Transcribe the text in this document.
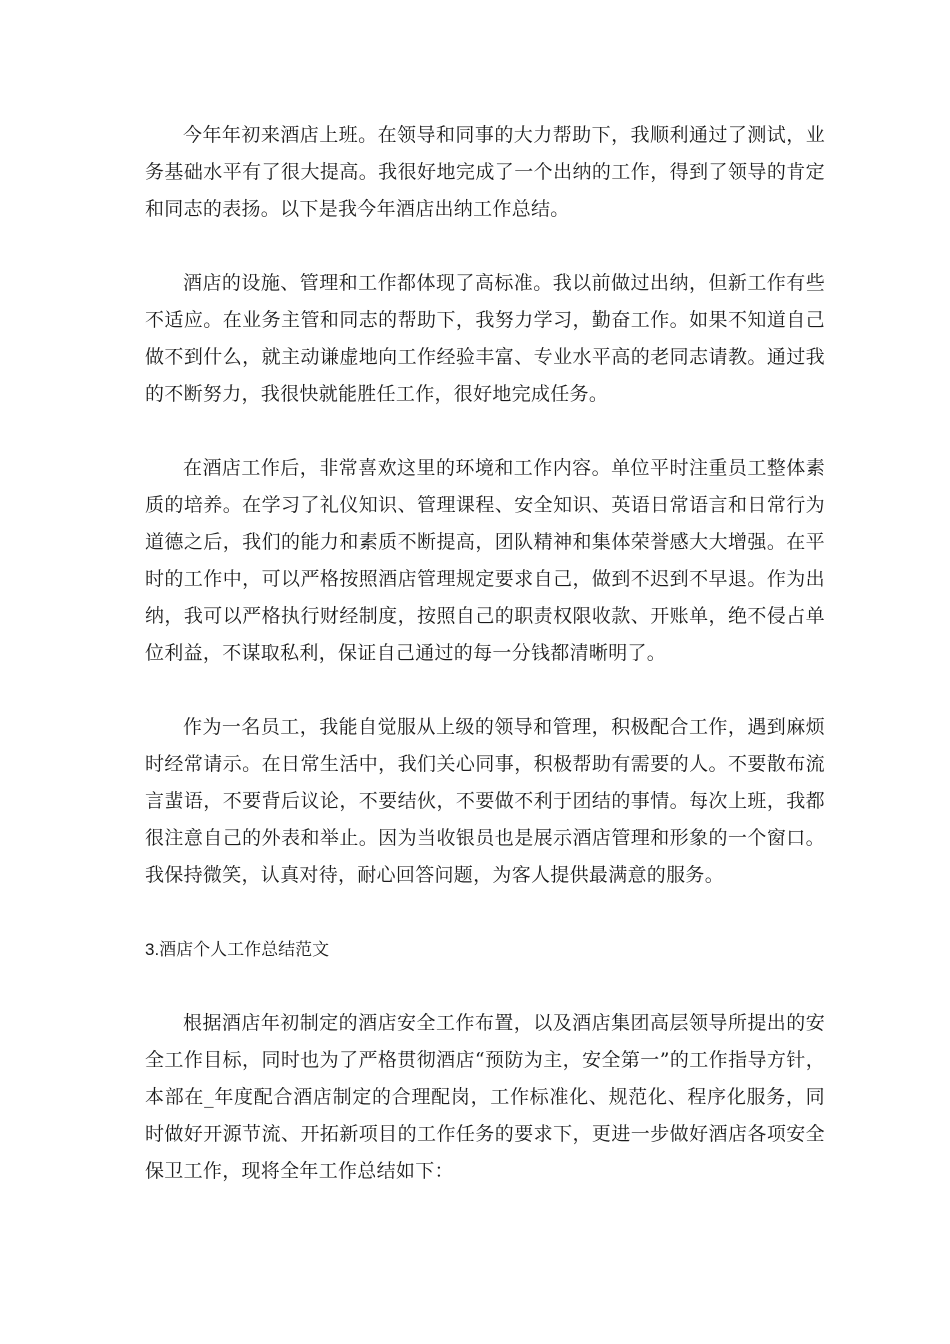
今年年初来酒店上班。在领导和同事的大力帮助下，我顺利通过了测试，业务基础水平有了很大提高。我很好地完成了一个出纳的工作，得到了领导的肯定和同志的表扬。以下是我今年酒店出纳工作总结。

酒店的设施、管理和工作都体现了高标准。我以前做过出纳，但新工作有些不适应。在业务主管和同志的帮助下，我努力学习，勤奋工作。如果不知道自己做不到什么，就主动谦虚地向工作经验丰富、专业水平高的老同志请教。通过我的不断努力，我很快就能胜任工作，很好地完成任务。

在酒店工作后，非常喜欢这里的环境和工作内容。单位平时注重员工整体素质的培养。在学习了礼仪知识、管理课程、安全知识、英语日常语言和日常行为道德之后，我们的能力和素质不断提高，团队精神和集体荣誉感大大增强。在平时的工作中，可以严格按照酒店管理规定要求自己，做到不迟到不早退。作为出纳，我可以严格执行财经制度，按照自己的职责权限收款、开账单，绝不侵占单位利益，不谋取私利，保证自己通过的每一分钱都清晰明了。

作为一名员工，我能自觉服从上级的领导和管理，积极配合工作，遇到麻烦时经常请示。在日常生活中，我们关心同事，积极帮助有需要的人。不要散布流言蜚语，不要背后议论，不要结伙，不要做不利于团结的事情。每次上班，我都很注意自己的外表和举止。因为当收银员也是展示酒店管理和形象的一个窗口。我保持微笑，认真对待，耐心回答问题，为客人提供最满意的服务。

3.酒店个人工作总结范文

根据酒店年初制定的酒店安全工作布置，以及酒店集团高层领导所提出的安全工作目标，同时也为了严格贯彻酒店“预防为主，安全第一”的工作指导方针，本部在_年度配合酒店制定的合理配岗，工作标准化、规范化、程序化服务，同时做好开源节流、开拓新项目的工作任务的要求下，更进一步做好酒店各项安全保卫工作，现将全年工作总结如下：
